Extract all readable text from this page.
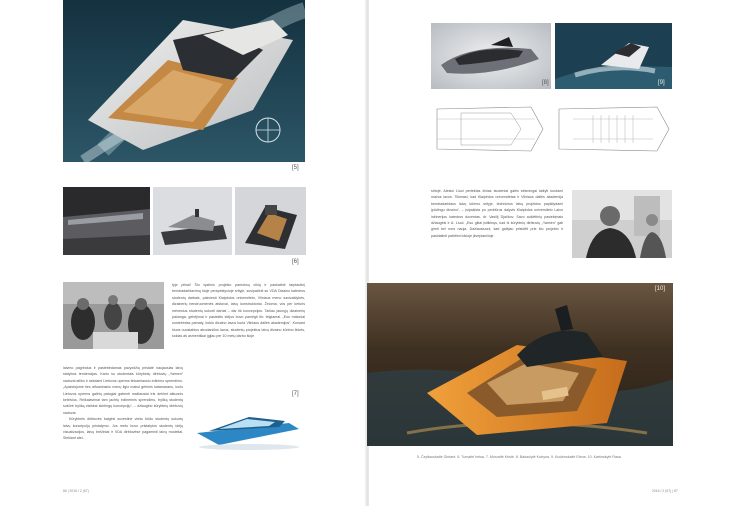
[5]
[6]

tyje pilnai! Šio tęstinio projekto pamoksų ciklą ir paskatinti tarptautinį bendradarbiavimą šioje perspektyvioje srityje, susipažinti su VDA Dizaino katedros studentų darbais, pakviesti Klaipėdos universiteto, Vilniaus meno savivaldybės, dizainerių bendruomenės atstovai, laivų konstruktoriai. Žinoma, vos per keturis mėnesius studentų sukurti darbai – dar tik koncepcijos. Tačiau jaunųjų dizainerių pažanga, gebėjimai ir pasiektis idėjos buvo pamėgti tik: teigiamai. „Esu maloniai nustebintas pamaty, kokio dizaino lavus kuria Vilniaus dailės akademijos“. Kursant šiuos nuostabius atrodančius lavus, studentų projektus laivų dizaino kūrimo linkės, kokias aš asmeniškai įgijau per 10 metų darbo šioje

laivmo pagrindus ir pastebėdamas pavyzdžių pristatė naujausias laivų statybos tendencijas. Kartu su studentais kūrybinių dirbtuvių „Yaimen“ vadovai atliko ir sekdami Lietuvos uperms tinkamiausio edinimo sprendimo. „Apsistojome ties alfuaninskiu menų ilgio maksi gėrimis katamaranu, kuris Lietuvos uperms galėtų patogiai gabenti mažiausiai tris dešimt aštuonis keleivius. Reikalavimai tam jachtų inžinerinis sprendimu, tryliką studentų sukūrė tryliką visiškai skirtingų koncepcijų“, – džiaugėsi kūrybinių dirbtuvių vadovai.

Kūrybinės dirbtuvės baigėsi suvestine viešu būdu studentų sukurtų laivų koncepcijų pristatymo. Jos metu buvo pristatytos studentų idėjų vizualizacijos, laivų brėžiniai ir VDA dirbtuvėse pagaminti laivų modeliai. Siekiant atei-

[7]
86 | 2016 / 2 (67)
[8]	[9]

sritoje. Alesiui Liuoi pertektas žinias studentai galės sėkmingai taikyti kurdami mažus lavus. Tikimasi, kad Klaipėdos universitetas ir Vilniaus dailės akademija bendradarbiaus laivų kūrimo srityje, techninius laivų projektus papildydami įpūdingu dizainu“, – įsipažįsta po peržiūros dalyvis Klaipėdos universiteto Laivo inžinerijos katedros docentas, dr. Vasilij Djačkov. Savo auklėtinių pasiekimais džiaugėsi ir A. Liuoi. „Esu giliai įsitikinęs, kad iš kūrybinių dirbtuvių „Yaimen“ gali gimti bei nors nauja. Dažiausiuoni, kad galėjau prisidėti prie šio projekto ir pasidalinti patirtimi tokioje įkvepiančioje

[10]
5. Čepliauskaitė Gintarė. 6. Tumaitė Inėsa. 7. Morzaitė Kristė. 8. Bakaulytė Kotryna. 9. Kudzinskaitė Elena. 10. Kartinskytė Rasa.
2016 / 2 (67) | 87
